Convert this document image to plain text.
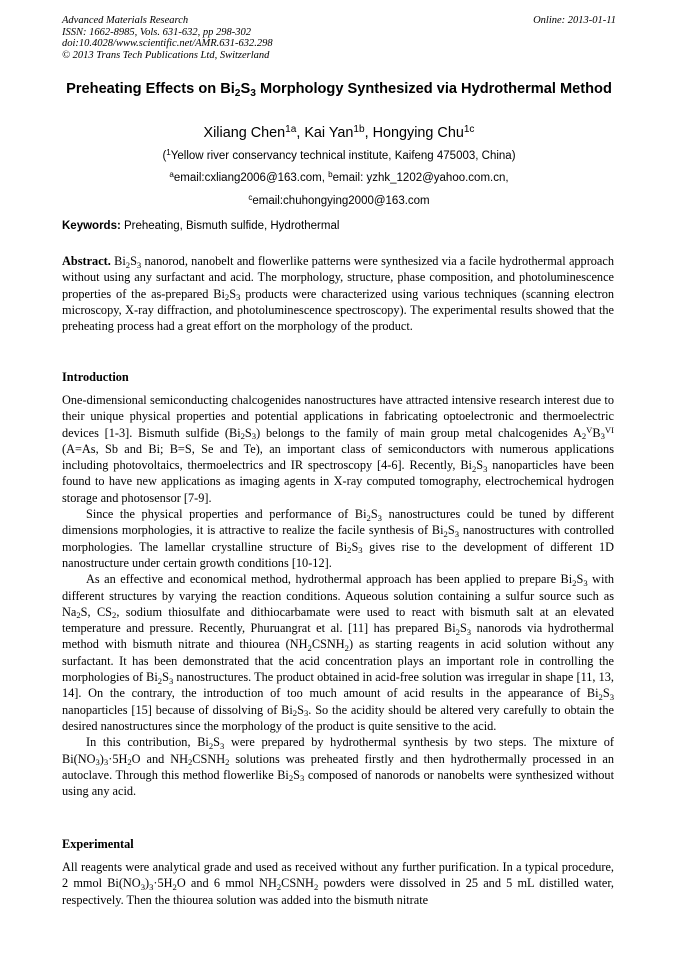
Advanced Materials Research
ISSN: 1662-8985, Vols. 631-632, pp 298-302
doi:10.4028/www.scientific.net/AMR.631-632.298
© 2013 Trans Tech Publications Ltd, Switzerland
Online: 2013-01-11
Preheating Effects on $Bi_2S_3$ Morphology Synthesized via Hydrothermal Method
Xiliang Chen$^{1a}$, Kai Yan$^{1b}$, Hongying Chu$^{1c}$
($^1$Yellow river conservancy technical institute, Kaifeng 475003, China)
$^a$email:cxliang2006@163.com, $^b$email: yzhk_1202@yahoo.com.cn,
$^c$email:chuhongying2000@163.com
Keywords: Preheating, Bismuth sulfide, Hydrothermal

Abstract. $Bi_2S_3$ nanorod, nanobelt and flowerlike patterns were synthesized via a facile hydrothermal approach without using any surfactant and acid. The morphology, structure, phase composition, and photoluminescence properties of the as-prepared $Bi_2S_3$ products were characterized using various techniques (scanning electron microscopy, X-ray diffraction, and photoluminescence spectroscopy). The experimental results showed that the preheating process had a great effort on the morphology of the product.

Introduction

One-dimensional semiconducting chalcogenides nanostructures have attracted intensive research interest due to their unique physical properties and potential applications in fabricating optoelectronic and thermoelectric devices [1-3]. Bismuth sulfide $(Bi_2S_3)$ belongs to the family of main group metal chalcogenides $A_2^VB_3^{VI}$ (A=As, Sb and Bi; B=S, Se and Te), an important class of semiconductors with numerous applications including photovoltaics, thermoelectrics and IR spectroscopy [4-6]. Recently, $Bi_2S_3$ nanoparticles have been found to have new applications as imaging agents in X-ray computed tomography, electrochemical hydrogen storage and photosensor [7-9].

Since the physical properties and performance of $Bi_2S_3$ nanostructures could be tuned by different dimensions morphologies, it is attractive to realize the facile synthesis of $Bi_2S_3$ nanostructures with controlled morphologies. The lamellar crystalline structure of $Bi_2S_3$ gives rise to the development of different 1D nanostructure under certain growth conditions [10-12].

As an effective and economical method, hydrothermal approach has been applied to prepare $Bi_2S_3$ with different structures by varying the reaction conditions. Aqueous solution containing a sulfur source such as $Na_2S$, $CS_2$, sodium thiosulfate and dithiocarbamate were used to react with bismuth salt at an elevated temperature and pressure. Recently, Phuruangrat et al. [11] has prepared $Bi_2S_3$ nanorods via hydrothermal method with bismuth nitrate and thiourea $(NH_2CSNH_2)$ as starting reagents in acid solution without any surfactant. It has been demonstrated that the acid concentration plays an important role in controlling the morphologies of $Bi_2S_3$ nanostructures. The product obtained in acid-free solution was irregular in shape [11, 13, 14]. On the contrary, the introduction of too much amount of acid results in the appearance of $Bi_2S_3$ nanoparticles [15] because of dissolving of $Bi_2S_3$. So the acidity should be altered very carefully to obtain the desired nanostructures since the morphology of the product is quite sensitive to the acid.

In this contribution, $Bi_2S_3$ were prepared by hydrothermal synthesis by two steps. The mixture of $Bi(NO_3)_3\cdot 5H_2O$ and $NH_2CSNH_2$ solutions was preheated firstly and then hydrothermally processed in an autoclave. Through this method flowerlike $Bi_2S_3$ composed of nanorods or nanobelts were synthesized without using any acid.

Experimental

All reagents were analytical grade and used as received without any further purification. In a typical procedure, 2 mmol $Bi(NO_3)_3\cdot 5H_2O$ and 6 mmol $NH_2CSNH_2$ powders were dissolved in 25 and 5 mL distilled water, respectively. Then the thiourea solution was added into the bismuth nitrate
